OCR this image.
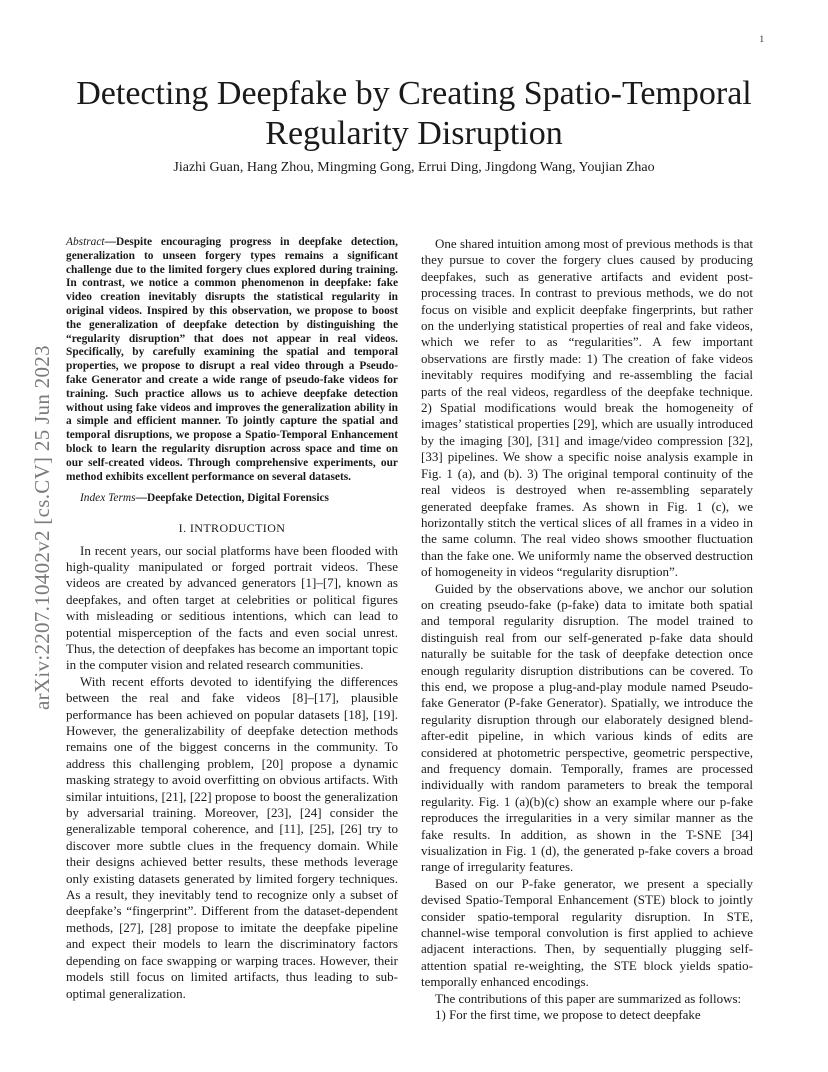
1
arXiv:2207.10402v2 [cs.CV] 25 Jun 2023
Detecting Deepfake by Creating Spatio-Temporal Regularity Disruption
Jiazhi Guan, Hang Zhou, Mingming Gong, Errui Ding, Jingdong Wang, Youjian Zhao

Abstract—Despite encouraging progress in deepfake detection, generalization to unseen forgery types remains a significant challenge due to the limited forgery clues explored during training. In contrast, we notice a common phenomenon in deepfake: fake video creation inevitably disrupts the statistical regularity in original videos. Inspired by this observation, we propose to boost the generalization of deepfake detection by distinguishing the “regularity disruption” that does not appear in real videos. Specifically, by carefully examining the spatial and temporal properties, we propose to disrupt a real video through a Pseudo-fake Generator and create a wide range of pseudo-fake videos for training. Such practice allows us to achieve deepfake detection without using fake videos and improves the generalization ability in a simple and efficient manner. To jointly capture the spatial and temporal disruptions, we propose a Spatio-Temporal Enhancement block to learn the regularity disruption across space and time on our self-created videos. Through comprehensive experiments, our method exhibits excellent performance on several datasets.

Index Terms—Deepfake Detection, Digital Forensics

I. INTRODUCTION

In recent years, our social platforms have been flooded with high-quality manipulated or forged portrait videos. These videos are created by advanced generators [1]–[7], known as deepfakes, and often target at celebrities or political figures with misleading or seditious intentions, which can lead to potential misperception of the facts and even social unrest. Thus, the detection of deepfakes has become an important topic in the computer vision and related research communities.

With recent efforts devoted to identifying the differences between the real and fake videos [8]–[17], plausible performance has been achieved on popular datasets [18], [19]. However, the generalizability of deepfake detection methods remains one of the biggest concerns in the community. To address this challenging problem, [20] propose a dynamic masking strategy to avoid overfitting on obvious artifacts. With similar intuitions, [21], [22] propose to boost the generalization by adversarial training. Moreover, [23], [24] consider the generalizable temporal coherence, and [11], [25], [26] try to discover more subtle clues in the frequency domain. While their designs achieved better results, these methods leverage only existing datasets generated by limited forgery techniques. As a result, they inevitably tend to recognize only a subset of deepfake’s “fingerprint”. Different from the dataset-dependent methods, [27], [28] propose to imitate the deepfake pipeline and expect their models to learn the discriminatory factors depending on face swapping or warping traces. However, their models still focus on limited artifacts, thus leading to sub-optimal generalization.

One shared intuition among most of previous methods is that they pursue to cover the forgery clues caused by producing deepfakes, such as generative artifacts and evident post-processing traces. In contrast to previous methods, we do not focus on visible and explicit deepfake fingerprints, but rather on the underlying statistical properties of real and fake videos, which we refer to as “regularities”. A few important observations are firstly made: 1) The creation of fake videos inevitably requires modifying and re-assembling the facial parts of the real videos, regardless of the deepfake technique. 2) Spatial modifications would break the homogeneity of images’ statistical properties [29], which are usually introduced by the imaging [30], [31] and image/video compression [32], [33] pipelines. We show a specific noise analysis example in Fig. 1 (a), and (b). 3) The original temporal continuity of the real videos is destroyed when re-assembling separately generated deepfake frames. As shown in Fig. 1 (c), we horizontally stitch the vertical slices of all frames in a video in the same column. The real video shows smoother fluctuation than the fake one. We uniformly name the observed destruction of homogeneity in videos “regularity disruption”.

Guided by the observations above, we anchor our solution on creating pseudo-fake (p-fake) data to imitate both spatial and temporal regularity disruption. The model trained to distinguish real from our self-generated p-fake data should naturally be suitable for the task of deepfake detection once enough regularity disruption distributions can be covered. To this end, we propose a plug-and-play module named Pseudo-fake Generator (P-fake Generator). Spatially, we introduce the regularity disruption through our elaborately designed blend-after-edit pipeline, in which various kinds of edits are considered at photometric perspective, geometric perspective, and frequency domain. Temporally, frames are processed individually with random parameters to break the temporal regularity. Fig. 1 (a)(b)(c) show an example where our p-fake reproduces the irregularities in a very similar manner as the fake results. In addition, as shown in the T-SNE [34] visualization in Fig. 1 (d), the generated p-fake covers a broad range of irregularity features.

Based on our P-fake generator, we present a specially devised Spatio-Temporal Enhancement (STE) block to jointly consider spatio-temporal regularity disruption. In STE, channel-wise temporal convolution is first applied to achieve adjacent interactions. Then, by sequentially plugging self-attention spatial re-weighting, the STE block yields spatio-temporally enhanced encodings.

The contributions of this paper are summarized as follows:

1) For the first time, we propose to detect deepfake
